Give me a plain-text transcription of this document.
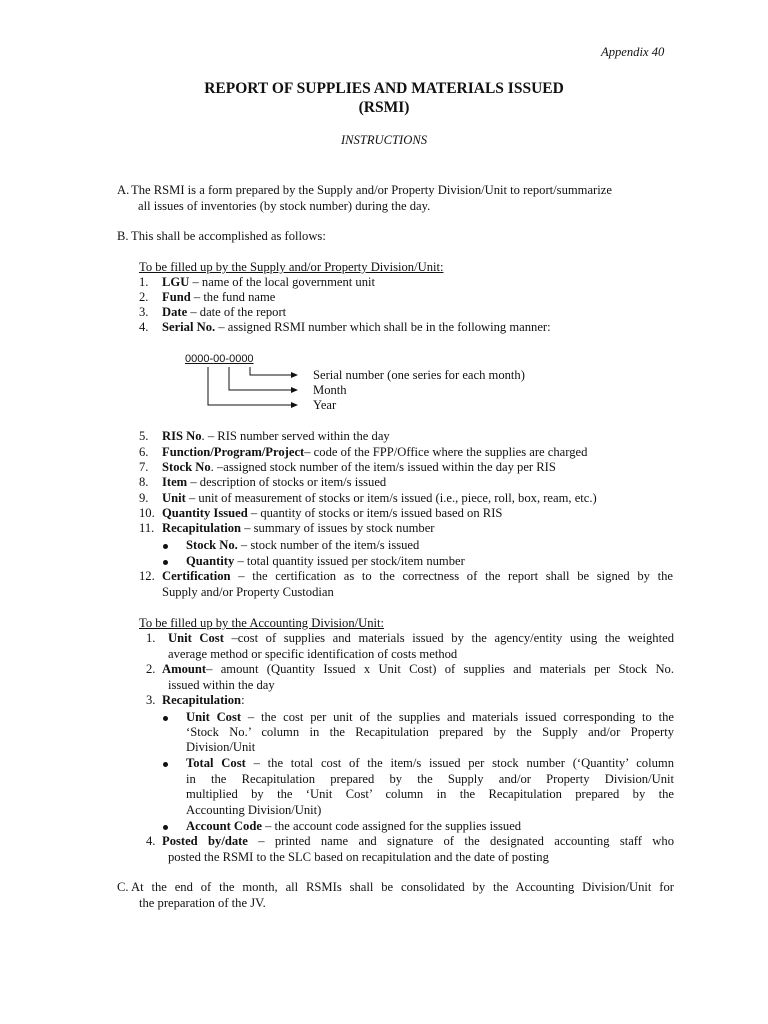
Appendix 40
REPORT OF SUPPLIES AND MATERIALS ISSUED
(RSMI)
INSTRUCTIONS
A. The RSMI is a form prepared by the Supply and/or Property Division/Unit to report/summarize
all issues of inventories (by stock number) during the day.
B. This shall be accomplished as follows:
To be filled up by the Supply and/or Property Division/Unit:
1. LGU – name of the local government unit
2. Fund – the fund name
3. Date – date of the report
4. Serial No. – assigned RSMI number which shall be in the following manner:
0000-00-0000
Serial number (one series for each month)
Month
Year
5. RIS No. – RIS number served within the day
6. Function/Program/Project– code of the FPP/Office where the supplies are charged
7. Stock No. –assigned stock number of the item/s issued within the day per RIS
8. Item – description of stocks or item/s issued
9. Unit – unit of measurement of stocks or item/s issued (i.e., piece, roll, box, ream, etc.)
10. Quantity Issued – quantity of stocks or item/s issued based on RIS
11. Recapitulation – summary of issues by stock number
Stock No. – stock number of the item/s issued
Quantity – total quantity issued per stock/item number
12. Certification – the certification as to the correctness of the report shall be signed by the
Supply and/or Property Custodian
To be filled up by the Accounting Division/Unit:
1. Unit Cost –cost of supplies and materials issued by the agency/entity using the weighted
average method or specific identification of costs method
2. Amount– amount (Quantity Issued x Unit Cost) of supplies and materials per Stock No.
issued within the day
3. Recapitulation:
Unit Cost – the cost per unit of the supplies and materials issued corresponding to the
‘Stock No.’ column in the Recapitulation prepared by the Supply and/or Property
Division/Unit
Total Cost – the total cost of the item/s issued per stock number (‘Quantity’ column
in the Recapitulation prepared by the Supply and/or Property Division/Unit
multiplied by the ‘Unit Cost’ column in the Recapitulation prepared by the
Accounting Division/Unit)
Account Code – the account code assigned for the supplies issued
4. Posted by/date – printed name and signature of the designated accounting staff who
posted the RSMI to the SLC based on recapitulation and the date of posting
C. At the end of the month, all RSMIs shall be consolidated by the Accounting Division/Unit for
the preparation of the JV.
